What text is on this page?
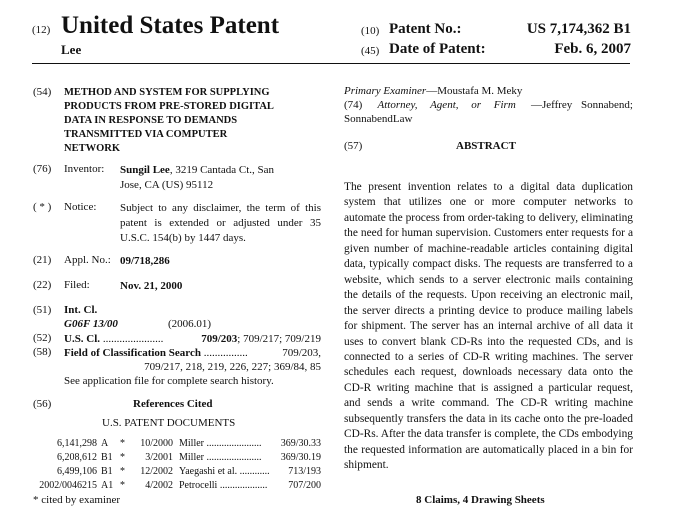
(12) United States Patent
Lee
(10) Patent No.:	US 7,174,362 B1
(45) Date of Patent:	Feb. 6, 2007
(54) METHOD AND SYSTEM FOR SUPPLYING
PRODUCTS FROM PRE-STORED DIGITAL
DATA IN RESPONSE TO DEMANDS
TRANSMITTED VIA COMPUTER
NETWORK
(76) Inventor: Sungil Lee, 3219 Cantada Ct., San
Jose, CA (US) 95112
( * ) Notice: Subject to any disclaimer, the term of this patent is extended or adjusted under 35 U.S.C. 154(b) by 1447 days.
(21) Appl. No.: 09/718,286
(22) Filed:	Nov. 21, 2000
(51) Int. Cl.
G06F 13/00	(2006.01)
(52) U.S. Cl. ......................	709/203; 709/217; 709/219
(58) Field of Classification Search ................	709/203,
709/217, 218, 219, 226, 227; 369/84, 85
See application file for complete search history.
(56)	References Cited
U.S. PATENT DOCUMENTS
6,141,298 A * 10/2000 Miller ...................... 369/30.33
6,208,612 B1 * 3/2001 Miller ...................... 369/30.19
6,499,106 B1 * 12/2002 Yaegashi et al. ............ 713/193
2002/0046215 A1 * 4/2002 Petrocelli ................... 707/200
* cited by examiner
Primary Examiner—Moustafa M. Meky
(74) Attorney, Agent, or Firm —Jeffrey Sonnabend;
SonnabendLaw
(57)	ABSTRACT
The present invention relates to a digital data duplication system that utilizes one or more computer networks to automate the process from order-taking to delivery, eliminating the need for human supervision. Customers enter requests for a given number of machine-readable articles containing digital data, typically compact disks. The requests are transferred to a website, which sends to a server electronic mails containing the details of the requests. Upon receiving an electronic mail, the server directs a printing device to produce mailing labels for shipment. The server has an internal archive of all data it uses to convert blank CD-Rs into the requested CDs, and is connected to a series of CD-R writing machines. The server schedules each request, downloads necessary data onto the CD-R writing machine that is assigned a particular request, and sends a write command. The CD-R writing machine subsequently transfers the data in its cache onto the pre-loaded CD-Rs. After the data transfer is complete, the CDs embodying the requested information are automatically placed in a bin for shipment.
8 Claims, 4 Drawing Sheets
